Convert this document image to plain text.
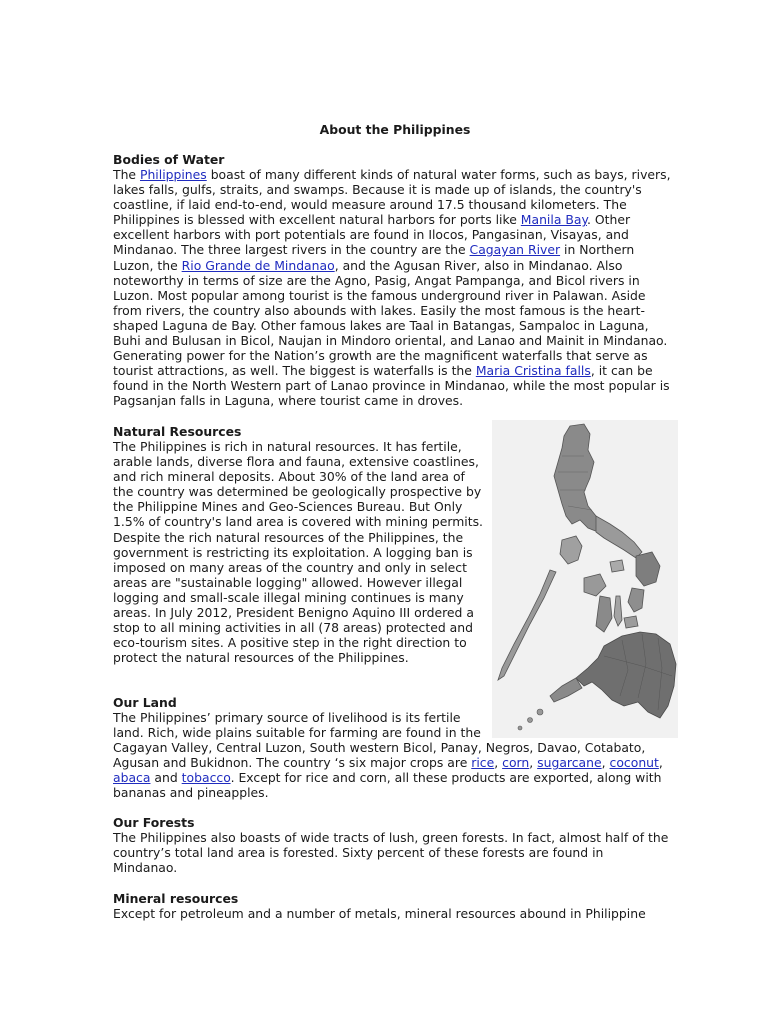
About the Philippines
Bodies of Water
The Philippines boast of many different kinds of natural water forms, such as bays, rivers,
lakes falls, gulfs, straits, and swamps. Because it is made up of islands, the country's
coastline, if laid end-to-end, would measure around 17.5 thousand kilometers. The
Philippines is blessed with excellent natural harbors for ports like Manila Bay. Other
excellent harbors with port potentials are found in Ilocos, Pangasinan, Visayas, and
Mindanao. The three largest rivers in the country are the Cagayan River in Northern
Luzon, the Rio Grande de Mindanao, and the Agusan River, also in Mindanao. Also
noteworthy in terms of size are the Agno, Pasig, Angat Pampanga, and Bicol rivers in
Luzon. Most popular among tourist is the famous underground river in Palawan. Aside
from rivers, the country also abounds with lakes. Easily the most famous is the heart-
shaped Laguna de Bay. Other famous lakes are Taal in Batangas, Sampaloc in Laguna,
Buhi and Bulusan in Bicol, Naujan in Mindoro oriental, and Lanao and Mainit in Mindanao.
Generating power for the Nation’s growth are the magnificent waterfalls that serve as
tourist attractions, as well. The biggest is waterfalls is the Maria Cristina falls, it can be
found in the North Western part of Lanao province in Mindanao, while the most popular is
Pagsanjan falls in Laguna, where tourist came in droves.
Natural Resources
The Philippines is rich in natural resources. It has fertile,
arable lands, diverse flora and fauna, extensive coastlines,
and rich mineral deposits. About 30% of the land area of
the country was determined be geologically prospective by
the Philippine Mines and Geo-Sciences Bureau. But Only
1.5% of country's land area is covered with mining permits.
Despite the rich natural resources of the Philippines, the
government is restricting its exploitation. A logging ban is
imposed on many areas of the country and only in select
areas are "sustainable logging" allowed. However illegal
logging and small-scale illegal mining continues is many
areas. In July 2012, President Benigno Aquino III ordered a
stop to all mining activities in all (78 areas) protected and
eco-tourism sites. A positive step in the right direction to
protect the natural resources of the Philippines.
Our Land
The Philippines’ primary source of livelihood is its fertile
land. Rich, wide plains suitable for farming are found in the
Cagayan Valley, Central Luzon, South western Bicol, Panay, Negros, Davao, Cotabato,
Agusan and Bukidnon. The country ‘s six major crops are rice, corn, sugarcane, coconut,
abaca and tobacco. Except for rice and corn, all these products are exported, along with
bananas and pineapples.
Our Forests
The Philippines also boasts of wide tracts of lush, green forests. In fact, almost half of the
country’s total land area is forested. Sixty percent of these forests are found in
Mindanao.
Mineral resources
Except for petroleum and a number of metals, mineral resources abound in Philippine
